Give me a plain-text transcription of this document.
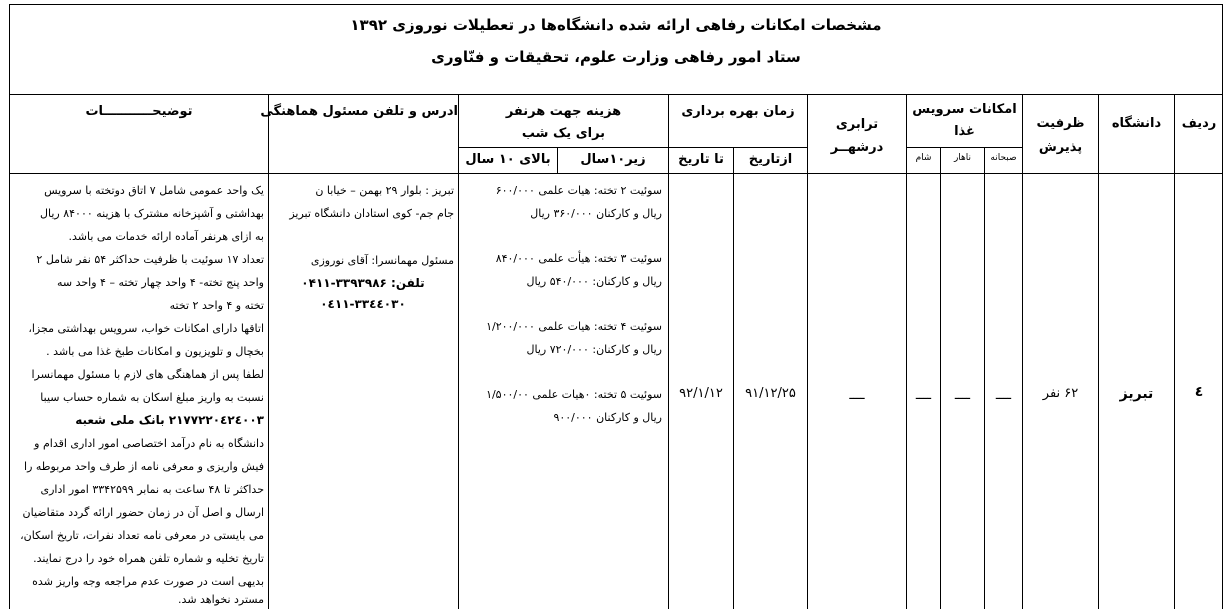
مشخصات امکانات رفاهی ارائه شده دانشگاه‌ها در تعطیلات نوروزی ۱۳۹۲
ستاد امور رفاهی وزارت علوم، تحقیقات و فنّاوری
ردیف
دانشگاه
ظرفیت
پذیرش
امکانات سرویس
غذا
صبحانه
ناهار
شام
ترابری
درشهــر
زمان بهره برداری
ازتاریخ
تا تاریخ
هزینه جهت هرنفر
برای یک شب
زیر۱۰سال
بالای ۱۰ سال
ادرس و تلفن مسئول هماهنگی
توضیحـــــــــــات
٤
تبریز
۶۲ نفر
ــــ
ــــ
ــــ
ــــ
۹۱/۱۲/۲۵
۹۲/۱/۱۲
سوئیت ۲ تخته: هیات علمی ۶۰۰/۰۰۰
ریال و کارکنان ۳۶۰/۰۰۰ ریال
سوئیت ۳ تخته: هیأت علمی ۸۴۰/۰۰۰
ریال و کارکنان: ۵۴۰/۰۰۰ ریال
سوئیت ۴ تخته: هیات علمی ۱/۲۰۰/۰۰۰
ریال و کارکنان: ۷۲۰/۰۰۰ ریال
سوئیت ۵ تخته: ۰هیات علمی ۱/۵۰۰/۰۰
ریال و کارکنان ۹۰۰/۰۰۰
تبریز : بلوار ۲۹ بهمن – خیابا ن
جام جم- کوی استادان دانشگاه تبریز
مسئول مهمانسرا: آقای نوروزی
تلفن: ۳۳۹۳۹۸۶-۰۴۱۱
۰٤۱۱-۳۳٤٤۰۳۰
یک واحد عمومی شامل ۷ اتاق دوتخته با سرویس
بهداشتی و آشپزخانه مشترک با هزینه ۸۴۰۰۰ ریال
به ازای هرنفر آماده ارائه خدمات می باشد.
تعداد ۱۷ سوئیت با ظرفیت حداکثر ۵۴ نفر شامل ۲
واحد پنج تخته- ۴ واحد چهار تخته – ۴ واحد سه
تخته و ۴ واحد ۲ تخته
اتاقها دارای امکانات خواب، سرویس بهداشتی مجزا،
بخچال و تلویزیون و امکانات طبخ غذا می باشد .
لطفا پس از هماهنگی های لازم با مسئول مهمانسرا
نسبت به واریز مبلغ اسکان به شماره حساب سیبا
۲۱۷۷۲۲۰٤۲٤۰۰۳ بانک ملی شعبه
دانشگاه به نام درآمد اختصاصی امور اداری اقدام و
فیش واریزی و معرفی نامه از طرف واحد مربوطه را
حداکثر تا ۴۸ ساعت به نمابر ۳۳۴۲۵۹۹ امور اداری
ارسال و اصل آن در زمان حضور ارائه گردد متقاضیان
می بایستی در معرفی نامه تعداد نفرات، تاریخ اسکان،
تاریخ تخلیه و شماره تلفن همراه خود را درج نمایند.
بدیهی است در صورت عدم مراجعه وجه واریز شده
مسترد نخواهد شد.
